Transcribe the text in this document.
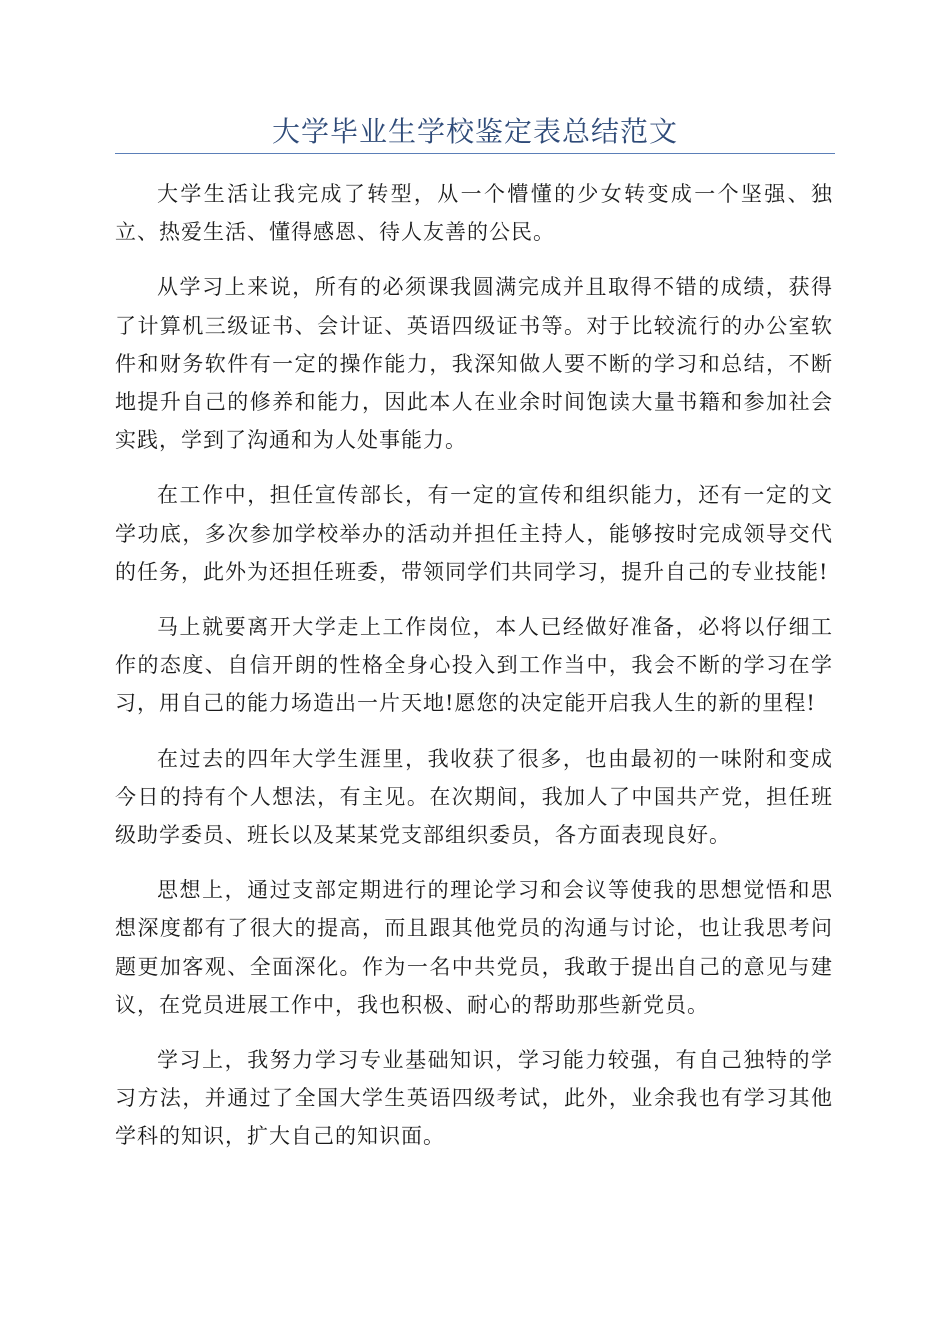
大学毕业生学校鉴定表总结范文

大学生活让我完成了转型，从一个懵懂的少女转变成一个坚强、独立、热爱生活、懂得感恩、待人友善的公民。

从学习上来说，所有的必须课我圆满完成并且取得不错的成绩，获得了计算机三级证书、会计证、英语四级证书等。对于比较流行的办公室软件和财务软件有一定的操作能力，我深知做人要不断的学习和总结，不断地提升自己的修养和能力，因此本人在业余时间饱读大量书籍和参加社会实践，学到了沟通和为人处事能力。

在工作中，担任宣传部长，有一定的宣传和组织能力，还有一定的文学功底，多次参加学校举办的活动并担任主持人，能够按时完成领导交代的任务，此外为还担任班委，带领同学们共同学习，提升自己的专业技能!

马上就要离开大学走上工作岗位，本人已经做好准备，必将以仔细工作的态度、自信开朗的性格全身心投入到工作当中，我会不断的学习在学习，用自己的能力场造出一片天地!愿您的决定能开启我人生的新的里程!

在过去的四年大学生涯里，我收获了很多，也由最初的一味附和变成今日的持有个人想法，有主见。在次期间，我加人了中国共产党，担任班级助学委员、班长以及某某党支部组织委员，各方面表现良好。

思想上，通过支部定期进行的理论学习和会议等使我的思想觉悟和思想深度都有了很大的提高，而且跟其他党员的沟通与讨论，也让我思考问题更加客观、全面深化。作为一名中共党员，我敢于提出自己的意见与建议，在党员进展工作中，我也积极、耐心的帮助那些新党员。

学习上，我努力学习专业基础知识，学习能力较强，有自己独特的学习方法，并通过了全国大学生英语四级考试，此外，业余我也有学习其他学科的知识，扩大自己的知识面。
